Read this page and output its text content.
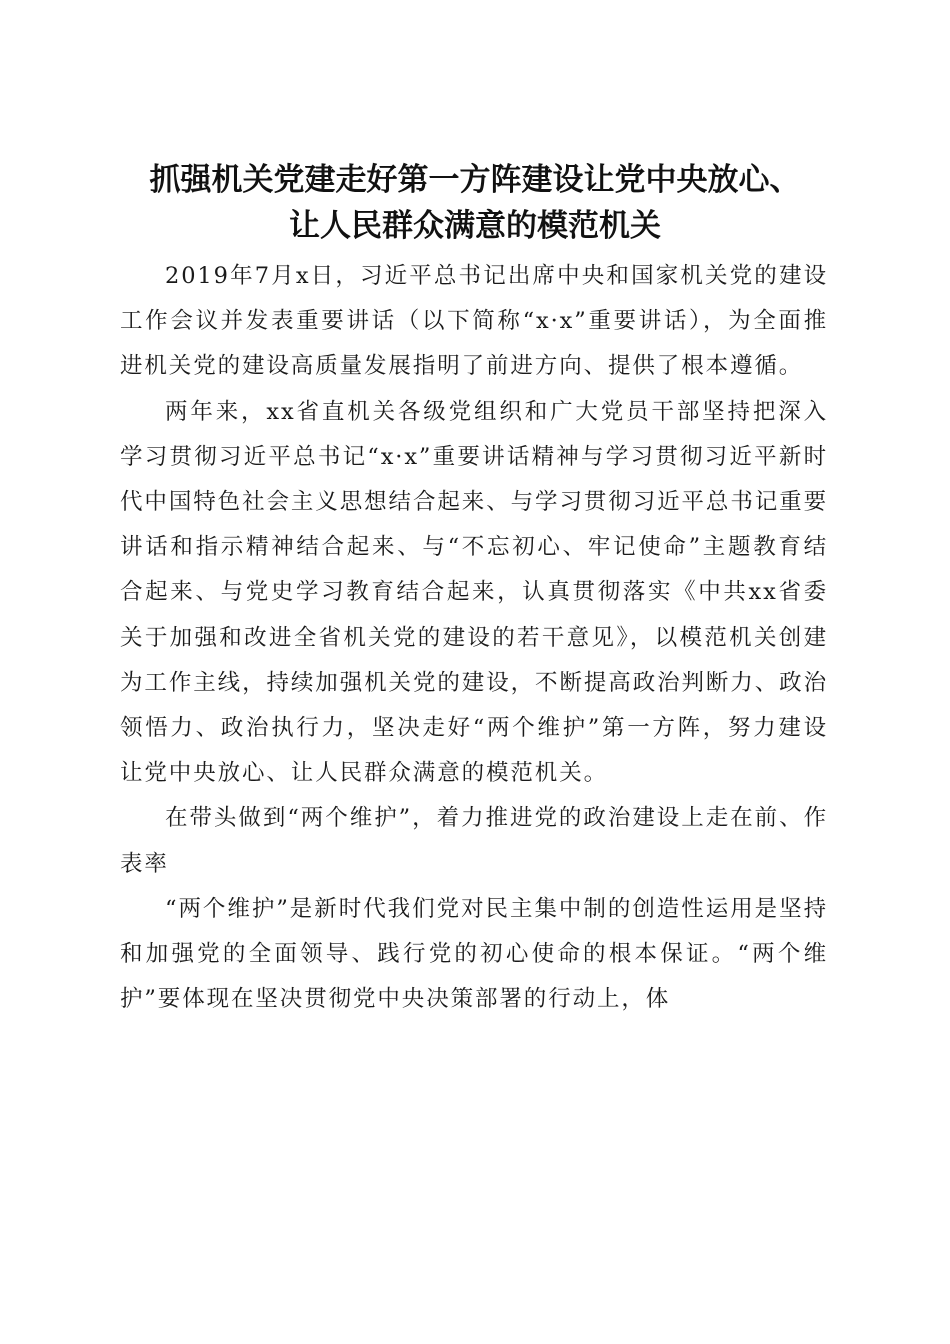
抓强机关党建走好第一方阵建设让党中央放心、
让人民群众满意的模范机关

2019年7月x日，习近平总书记出席中央和国家机关党的建设工作会议并发表重要讲话（以下简称“x·x”重要讲话），为全面推进机关党的建设高质量发展指明了前进方向、提供了根本遵循。

两年来，xx省直机关各级党组织和广大党员干部坚持把深入学习贯彻习近平总书记“x·x”重要讲话精神与学习贯彻习近平新时代中国特色社会主义思想结合起来、与学习贯彻习近平总书记重要讲话和指示精神结合起来、与“不忘初心、牢记使命”主题教育结合起来、与党史学习教育结合起来，认真贯彻落实《中共xx省委关于加强和改进全省机关党的建设的若干意见》，以模范机关创建为工作主线，持续加强机关党的建设，不断提高政治判断力、政治领悟力、政治执行力，坚决走好“两个维护”第一方阵，努力建设让党中央放心、让人民群众满意的模范机关。

在带头做到“两个维护”，着力推进党的政治建设上走在前、作表率

“两个维护”是新时代我们党对民主集中制的创造性运用是坚持和加强党的全面领导、践行党的初心使命的根本保证。“两个维护”要体现在坚决贯彻党中央决策部署的行动上，体
